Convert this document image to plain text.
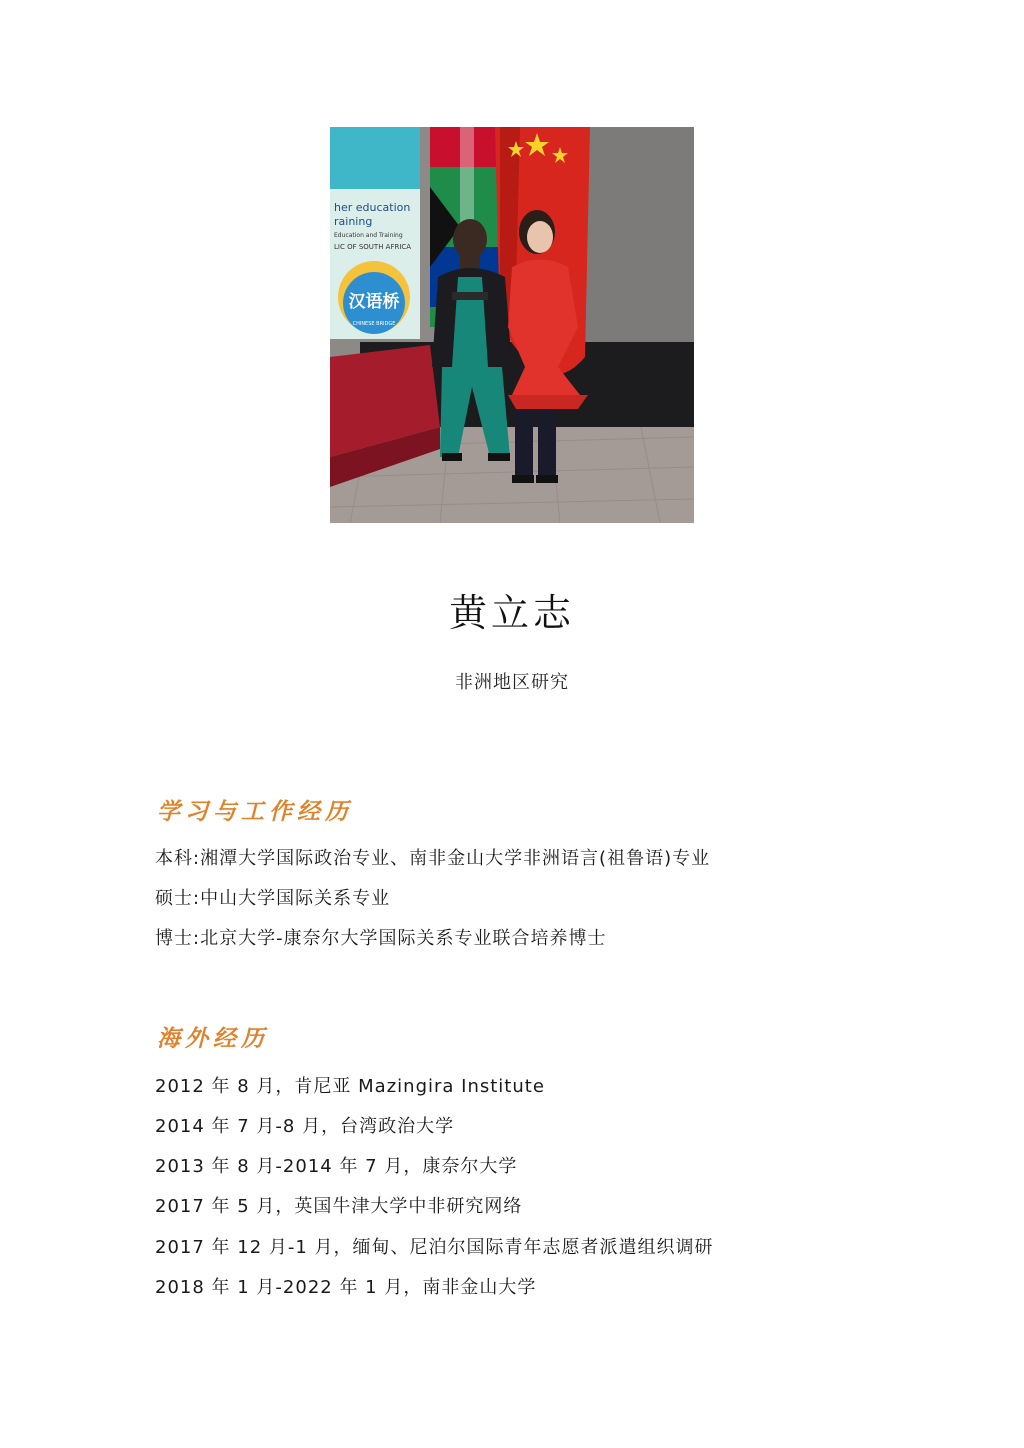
her education
raining
Education and Training
LIC OF SOUTH AFRICA
汉语桥
CHINESE BRIDGE
黄立志
非洲地区研究
学习与工作经历
本科:湘潭大学国际政治专业、南非金山大学非洲语言(祖鲁语)专业
硕士:中山大学国际关系专业
博士:北京大学-康奈尔大学国际关系专业联合培养博士
海外经历
2012 年 8 月，肯尼亚 Mazingira Institute
2014 年 7 月-8 月，台湾政治大学
2013 年 8 月-2014 年 7 月，康奈尔大学
2017 年 5 月，英国牛津大学中非研究网络
2017 年 12 月-1 月，缅甸、尼泊尔国际青年志愿者派遣组织调研
2018 年 1 月-2022 年 1 月，南非金山大学
